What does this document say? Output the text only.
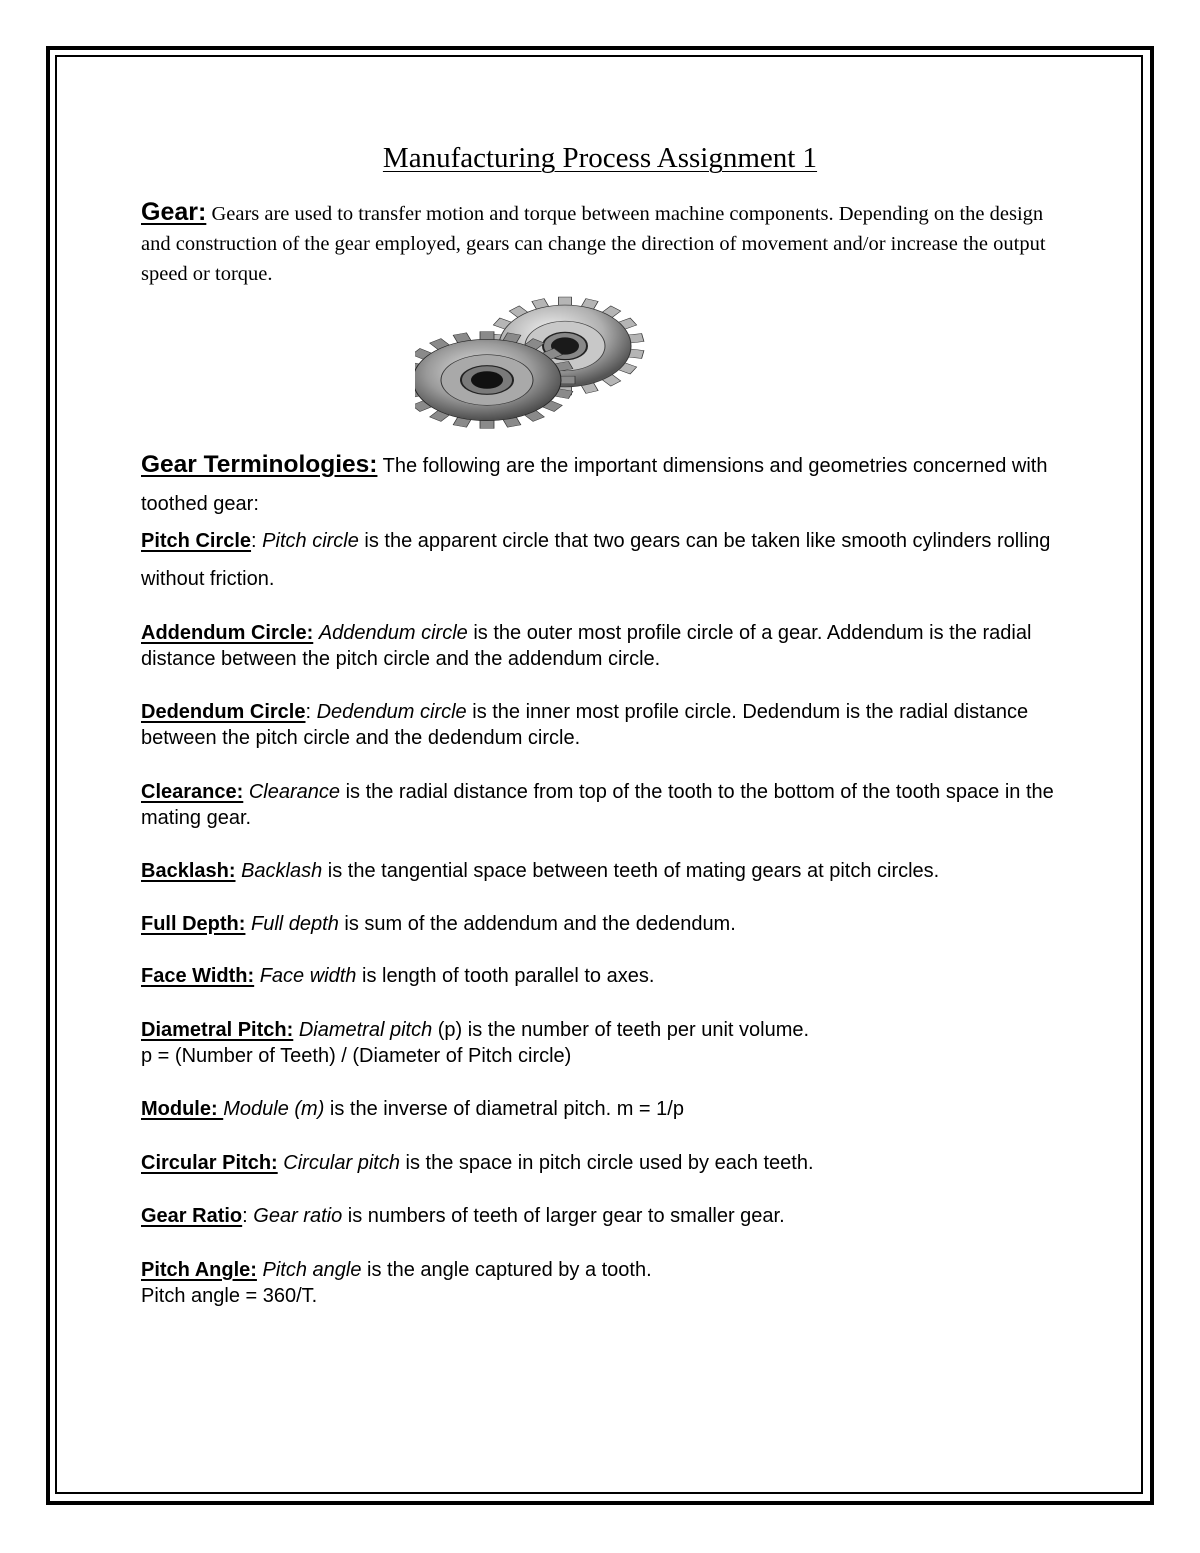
Manufacturing Process Assignment 1
Gear: Gears are used to transfer motion and torque between machine components. Depending on the design and construction of the gear employed, gears can change the direction of movement and/or increase the output speed or torque.
Gear Terminologies: The following are the important dimensions and geometries concerned with toothed gear:
Pitch Circle: Pitch circle is the apparent circle that two gears can be taken like smooth cylinders rolling without friction.
Addendum Circle: Addendum circle is the outer most profile circle of a gear. Addendum is the radial distance between the pitch circle and the addendum circle.
Dedendum Circle: Dedendum circle is the inner most profile circle. Dedendum is the radial distance between the pitch circle and the dedendum circle.
Clearance: Clearance is the radial distance from top of the tooth to the bottom of the tooth space in the mating gear.
Backlash: Backlash is the tangential space between teeth of mating gears at pitch circles.
Full Depth: Full depth is sum of the addendum and the dedendum.
Face Width: Face width is length of tooth parallel to axes.
Diametral Pitch: Diametral pitch (p) is the number of teeth per unit volume.
p = (Number of Teeth) / (Diameter of Pitch circle)
Module: Module (m) is the inverse of diametral pitch. m = 1/p
Circular Pitch: Circular pitch is the space in pitch circle used by each teeth.
Gear Ratio: Gear ratio is numbers of teeth of larger gear to smaller gear.
Pitch Angle: Pitch angle is the angle captured by a tooth.
Pitch angle = 360/T.
